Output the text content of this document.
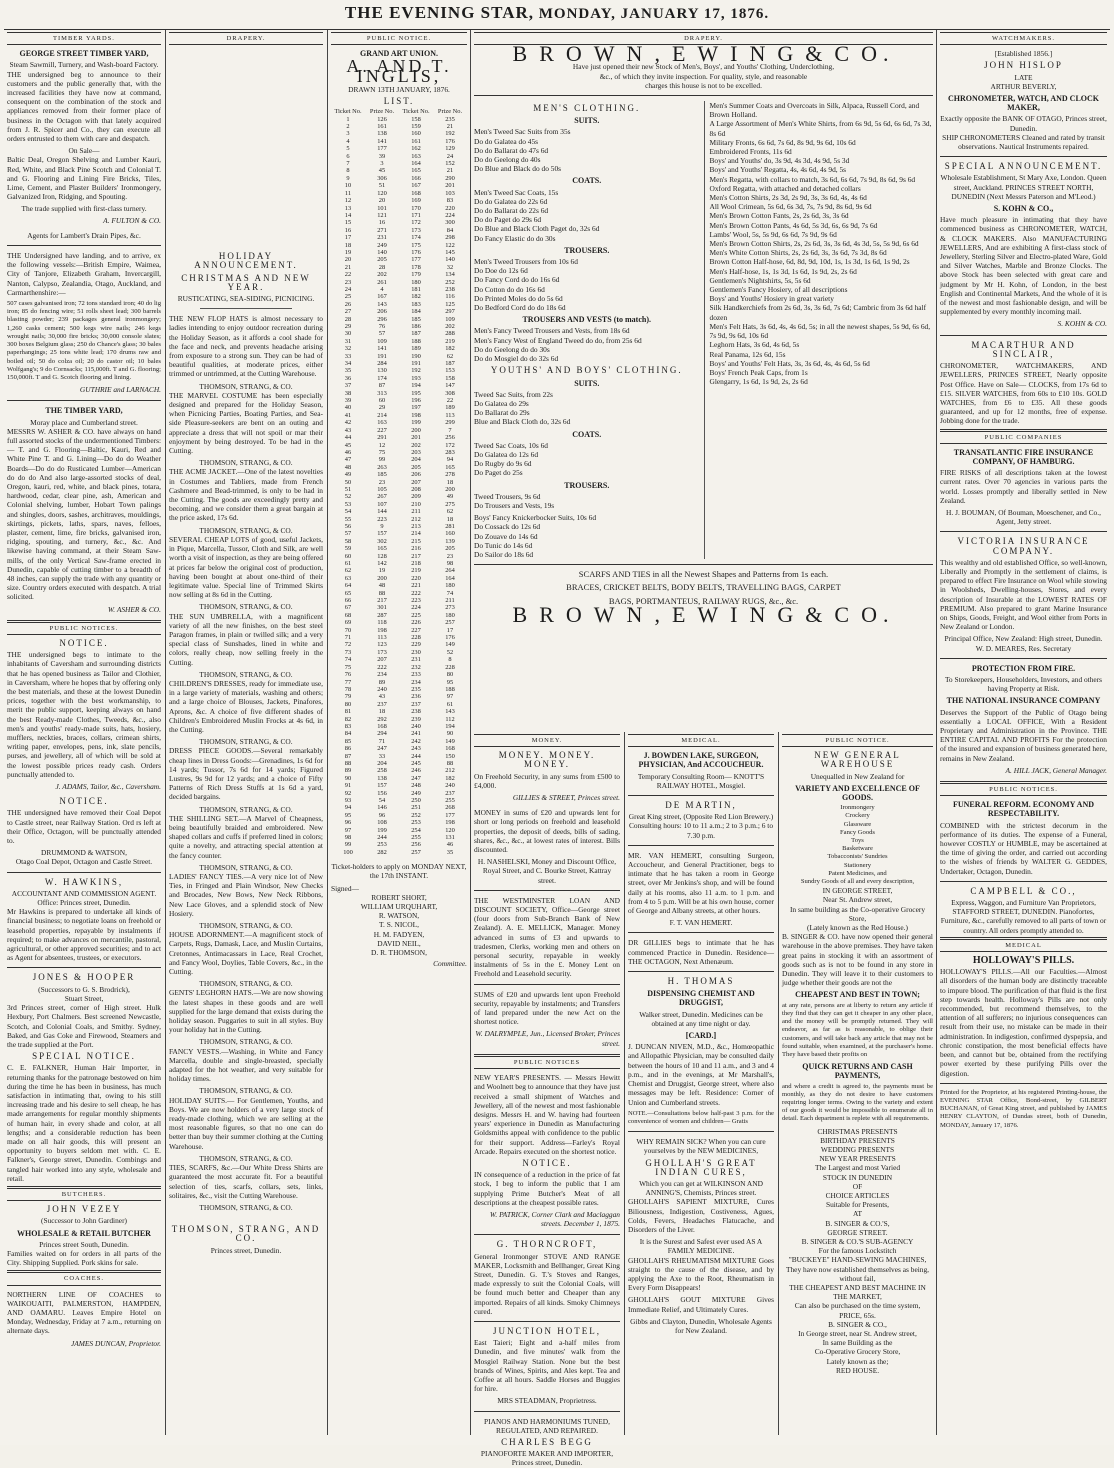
THE EVENING STAR, MONDAY, JANUARY 17, 1876.
TIMBER YARDS.
GEORGE STREET TIMBER YARD,
Steam Sawmill, Turnery, and Wash-board Factory.
THE undersigned beg to announce to their customers and the public generally that, with the increased facilities they have now at command, consequent on the combination of the stock and appliances removed from their former place of business in the Octagon with that lately acquired from J. R. Spicer and Co., they can execute all orders entrusted to them with care and despatch.
On Sale—
Baltic Deal, Oregon Shelving and Lumber Kauri, Red, White, and Black Pine Scotch and Colonial T. and G. Flooring and Lining Fire Bricks, Tiles, Lime, Cement, and Plaster Builders' Ironmongery, Galvanized Iron, Ridging, and Spouting.
The trade supplied with first-class turnery.
A. FULTON & CO.
Agents for Lambert's Drain Pipes, &c.
THE Undersigned have landing, and to arrive, ex the following vessels:—British Empire, Waimea, City of Tanjore, Elizabeth Graham, Invercargill, Nanton, Calypso, Zealandia, Otago, Auckland, and Carmarthenshire:—
507 cases galvanised iron; 72 tons standard iron; 40 do lig iron; 85 do fencing wire; 51 rolls sheet lead; 300 barrels blasting powder; 239 packages general ironmongery; 1,260 casks cement; 500 kegs wire nails; 246 kegs wrought nails; 30,000 fire bricks; 30,000 console slates; 300 boxes Belgium glass; 250 do Chance's glass; 30 bales paperhangings; 25 tons white lead; 170 drums raw and boiled oil; 50 do colza oil; 20 do castor oil; 10 bales Wolfgang's; 9 do Cornsacks; 115,000ft. T and G. flooring; 150,000ft. T and G. Scotch flooring and lining.
GUTHRIE and LARNACH.
THE TIMBER YARD,
Moray place and Cumberland street.
MESSRS W. ASHER & CO. have always on hand full assorted stocks of the undermentioned Timbers:— T. and G. Flooring—Baltic, Kauri, Red and White Pine T. and G. Lining—Do do do Weather Boards—Do do do Rusticated Lumber—American do do do And also large-assorted stocks of deal, Oregon, kauri, red, white, and black pines, totara, hardwood, cedar, clear pine, ash, American and Colonial shelving, lumber, Hobart Town palings and shingles, doors, sashes, architraves, mouldings, skirtings, pickets, laths, spars, naves, felloes, plaster, cement, lime, fire bricks, galvanised iron, ridging, spouting, and turnery, &c., &c. And likewise having command, at their Steam Saw-mills, of the only Vertical Saw-frame erected in Dunedin, capable of cutting timber to a breadth of 48 inches, can supply the trade with any quantity or size. Country orders executed with despatch. A trial solicited.
W. ASHER & CO.
PUBLIC NOTICES.
NOTICE.
THE undersigned begs to intimate to the inhabitants of Caversham and surrounding districts that he has opened business as Tailor and Clothier, in Caversham, where he hopes that by offering only the best materials, and these at the lowest Dunedin prices, together with the best workmanship, to merit the public support, keeping always on hand the best Ready-made Clothes, Tweeds, &c., also men's and youths' ready-made suits, hats, hosiery, mufflers, neckties, braces, collars, crimean shirts, writing paper, envelopes, pens, ink, slate pencils, purses, and jewellery, all of which will be sold at the lowest possible prices ready cash. Orders punctually attended to.
J. ADAMS, Tailor, &c., Caversham.
NOTICE.
THE undersigned have removed their Coal Depot to Castle street, near Railway Station. Ord rs left at their Office, Octagon, will be punctually attended to.
DRUMMOND & WATSON,
Otago Coal Depot, Octagon and Castle Street.
W. HAWKINS,
ACCOUNTANT AND COMMISSION AGENT.
Office: Princes street, Dunedin.
Mr Hawkins is prepared to undertake all kinds of financial business; to negotiate loans on freehold or leasehold properties, repayable by instalments if required; to make advances on mercantile, pastoral, agricultural, or other approved securities; and to act as Agent for absentees, trustees, or executors.
JONES & HOOPER
(Successors to G. S. Brodrick),
Stuart Street,
3rd Princes street, corner of High street. Hulk Hexbury, Port Chalmers. Best screened Newcastle, Scotch, and Colonial Coals, and Smithy. Sydney, Baked, and Gas Coke and Firewood, Steamers and the trade supplied at the Port.
SPECIAL NOTICE.
C. E. FALKNER, Human Hair Importer, in returning thanks for the patronage bestowed on him during the time he has been in business, has much satisfaction in intimating that, owing to his still increasing trade and his desire to sell cheap, he has made arrangements for regular monthly shipments of human hair, in every shade and color, at all lengths; and a considerable reduction has been made on all hair goods, this will present an opportunity to buyers seldom met with. C. E. Falkner's, George street, Dunedin. Combings and tangled hair worked into any style, wholesale and retail.
BUTCHERS.
JOHN VEZEY
(Successor to John Gardiner)
WHOLESALE & RETAIL BUTCHER
Princes street South, Dunedin.
Families waited on for orders in all parts of the City. Shipping Supplied. Pork skins for sale.
COACHES.
NORTHERN LINE OF COACHES to WAIKOUAITI, PALMERSTON, HAMPDEN, AND OAMARU. Leaves Empire Hotel on Monday, Wednesday, Friday at 7 a.m., returning on alternate days.
JAMES DUNCAN, Proprietor.
DRAPERY.
HOLIDAY ANNOUNCEMENT.
CHRISTMAS AND NEW YEAR.
RUSTICATING, SEA-SIDING, PICNICING.
THE NEW FLOP HATS is almost necessary to ladies intending to enjoy outdoor recreation during the Holiday Season, as it affords a cool shade for the face and neck, and prevents headache arising from exposure to a strong sun. They can be had of beautiful qualities, at moderate prices, either trimmed or untrimmed, at the Cutting Warehouse.
THOMSON, STRANG, & CO.
THE MARVEL COSTUME has been especially designed and prepared for the Holiday Season, when Picnicing Parties, Boating Parties, and Sea-side Pleasure-seekers are bent on an outing and appreciate a dress that will not spoil or mar their enjoyment by being destroyed. To be had in the Cutting.
THOMSON, STRANG, & CO.
THE ACME JACKET.—One of the latest novelties in Costumes and Tabliers, made from French Cashmere and Bead-trimmed, is only to be had in the Cutting. The goods are exceedingly pretty and becoming, and we consider them a great bargain at the price asked, 17s 6d.
THOMSON, STRANG, & CO.
SEVERAL CHEAP LOTS of good, useful Jackets, in Pique, Marcella, Tussor, Cloth and Silk, are well worth a visit of inspection, as they are being offered at prices far below the original cost of production, having been bought at about one-third of their legitimate value. Special line of Trimmed Skirts now selling at 8s 6d in the Cutting.
THOMSON, STRANG, & CO.
THE SUN UMBRELLA, with a magnificent variety of all the new finishes, on the best steel Paragon frames, in plain or twilled silk; and a very special class of Sunshades, lined in white and colors, really cheap, now selling freely in the Cutting.
THOMSON, STRANG, & CO.
CHILDREN'S DRESSES, ready for immediate use, in a large variety of materials, washing and others; and a large choice of Blouses, Jackets, Pinafores, Aprons, &c. A choice of five different shades of Children's Embroidered Muslin Frocks at 4s 6d, in the Cutting.
THOMSON, STRANG, & CO.
DRESS PIECE GOODS.—Several remarkably cheap lines in Dress Goods:—Grenadines, 1s 6d for 14 yards; Tussor, 7s 6d for 14 yards; Figured Lustres, 9s 9d for 12 yards; and a choice of Fifty Patterns of Rich Dress Stuffs at 1s 6d a yard, decided bargains.
THOMSON, STRANG, & CO.
THE SHILLING SET.—A Marvel of Cheapness, being beautifully braided and embroidered. New shaped collars and cuffs if preferred lined in colors; quite a novelty, and attracting special attention at the fancy counter.
THOMSON, STRANG, & CO.
LADIES' FANCY TIES.—A very nice lot of New Ties, in Fringed and Plain Windsor, New Checks and Brocades, New Bows, New Neck Ribbons, New Lace Gloves, and a splendid stock of New Hosiery.
THOMSON, STRANG, & CO.
HOUSE ADORNMENT.—A magnificent stock of Carpets, Rugs, Damask, Lace, and Muslin Curtains, Cretonnes, Antimacassars in Lace, Real Crochet, and Fancy Wool, Doylies, Table Covers, &c., in the Cutting.
THOMSON, STRANG, & CO.
GENTS' LEGHORN HATS.—We are now showing the latest shapes in these goods and are well supplied for the large demand that exists during the holiday season. Puggaries to suit in all styles. Buy your holiday hat in the Cutting.
THOMSON, STRANG, & CO.
FANCY VESTS.—Washing, in White and Fancy Marcella, double and single-breasted, specially adapted for the hot weather, and very suitable for holiday times.
THOMSON, STRANG, & CO.
HOLIDAY SUITS.— For Gentlemen, Youths, and Boys. We are now holders of a very large stock of ready-made clothing, which we are selling at the most reasonable figures, so that no one can do better than buy their summer clothing at the Cutting Warehouse.
THOMSON, STRANG, & CO.
TIES, SCARFS, &c.—Our White Dress Shirts are guaranteed the most accurate fit. For a beautiful selection of ties, scarfs, collars, sets, links, solitaires, &c., visit the Cutting Warehouse.
THOMSON, STRANG, & CO.
THOMSON, STRANG, AND CO.
Princes street, Dunedin.
PUBLIC NOTICE.
GRAND ART UNION.
A. AND T. INGLIS,
DRAWN 13TH JANUARY, 1876.
LIST.
Ticket No.	Prize No.	Ticket No.	Prize No.
1	126	158	235
2	161	159	21
3	138	160	192
4	141	161	176
5	177	162	129
6	39	163	24
7	3	164	152
8	45	165	21
9	306	166	290
10	51	167	201
11	120	168	103
12	20	169	83
13	101	170	220
14	121	171	224
15	16	172	300
16	271	173	84
17	231	174	298
18	249	175	122
19	140	176	145
20	205	177	140
21	28	178	32
22	202	179	134
23	261	180	252
24	4	181	238
25	167	182	116
26	143	183	125
27	206	184	297
28	296	185	109
29	76	186	202
30	57	187	288
31	109	188	219
32	141	189	182
33	191	190	62
34	284	191	187
35	130	192	153
36	174	193	158
37	87	194	147
38	313	195	308
39	60	196	22
40	29	197	189
41	214	198	113
42	163	199	299
43	227	200	7
44	291	201	256
45	12	202	172
46	75	203	283
47	99	204	94
48	263	205	165
49	185	206	278
50	23	207	18
51	105	208	200
52	267	209	49
53	107	210	275
54	144	211	62
55	223	212	18
56	9	213	281
57	157	214	160
58	302	215	139
59	165	216	205
60	128	217	23
61	142	218	98
62	19	219	264
63	200	220	164
64	48	221	180
65	88	222	74
66	217	223	211
67	301	224	273
68	287	225	180
69	118	226	257
70	198	227	17
71	113	228	176
72	123	229	149
73	173	230	52
74	207	231	8
75	222	232	228
76	234	233	80
77	89	234	95
78	240	235	188
79	43	236	97
80	237	237	61
81	18	238	143
82	292	239	112
83	168	240	194
84	294	241	90
85	71	242	149
86	247	243	168
87	33	244	150
88	204	245	88
89	258	246	212
90	138	247	182
91	157	248	240
92	156	249	237
93	54	250	255
94	146	251	268
95	96	252	177
96	108	253	198
97	199	254	120
98	244	255	131
99	253	256	46
100	282	257	35
Ticket-holders to apply on MONDAY NEXT, the 17th INSTANT.
Signed—
ROBERT SHORT,
WILLIAM URQUHART,
R. WATSON,
T. S. NICOL,
H. M. FADYEN,
DAVID NEIL,
D. R. THOMSON,
Committee.
DRAPERY.
B R O W N , E W I N G & C O.
Have just opened their new Stock of Men's, Boys', and Youths' Clothing, Underclothing,
&c., of which they invite inspection. For quality, style, and reasonable
charges this house is not to be excelled.
MEN'S CLOTHING.
SUITS.
Men's Tweed Sac Suits from 35s
Do do Galatea do 45s
Do do Ballarat do 47s 6d
Do do Geelong do 40s
Do Blue and Black do do 50s
COATS.
Men's Tweed Sac Coats, 15s
Do do Galatea do 22s 6d
Do do Ballarat do 22s 6d
Do do Paget do 29s 6d
Do Blue and Black Cloth Paget do, 32s 6d
Do Fancy Elastic do do 30s
TROUSERS.
Men's Tweed Trousers from 10s 6d
Do Doe do 12s 6d
Do Fancy Cord do do 16s 6d
Do Cotton do do 16s 6d
Do Printed Moles do do 5s 6d
Do Bedford Cord do do 18s 6d
TROUSERS AND VESTS (to match).
Men's Fancy Tweed Trousers and Vests, from 18s 6d
Men's Fancy West of England Tweed do do, from 25s 6d
Do do Geelong do do 30s
Do do Mosgiel do do 32s 6d
YOUTHS' AND BOYS' CLOTHING.
SUITS.
Tweed Sac Suits, from 22s
Do Galatea do 29s
Do Ballarat do 29s
Blue and Black Cloth do, 32s 6d
COATS.
Tweed Sac Coats, 10s 6d
Do Galatea do 12s 6d
Do Rugby do 9s 6d
Do Paget do 25s
TROUSERS.
Tweed Trousers, 9s 6d
Do Trousers and Vests, 19s
Boys' Fancy Knickerbocker Suits, 10s 6d
Do Cossack do 12s 6d
Do Zouave do 14s 6d
Do Tunic do 14s 6d
Do Sailor do 18s 6d
Men's Summer Coats and Overcoats in Silk, Alpaca, Russell Cord, and Brown Holland.
A Large Assortment of Men's White Shirts, from 6s 9d, 5s 6d, 6s 6d, 7s 3d, 8s 6d
Military Fronts, 6s 6d, 7s 6d, 8s 9d, 9s 6d, 10s 6d
Embroidered Fronts, 11s 6d
Boys' and Youths' do, 3s 9d, 4s 3d, 4s 9d, 5s 3d
Boys' and Youths' Regatta, 4s, 4s 6d, 4s 9d, 5s
Men's Regatta, with collars to match, 3s 6d, 6s 6d, 7s 9d, 8s 6d, 9s 6d
Oxford Regatta, with attached and detached collars
Men's Cotton Shirts, 2s 3d, 2s 9d, 3s, 3s 6d, 4s, 4s 6d
All Wool Crimean, 5s 6d, 6s 3d, 7s, 7s 9d, 8s 6d, 9s 6d
Men's Brown Cotton Fants, 2s, 2s 6d, 3s, 3s 6d
Men's Brown Cotton Pants, 4s 6d, 5s 3d, 6s, 6s 9d, 7s 6d
Lambs' Wool, 5s, 5s 9d, 6s 6d, 7s 9d, 9s 6d
Men's Brown Cotton Shirts, 2s, 2s 6d, 3s, 3s 6d, 4s 3d, 5s, 5s 9d, 6s 6d
Men's White Cotton Shirts, 2s, 2s 6d, 3s, 3s 6d, 7s 3d, 8s 6d
Brown Cotton Half-hose, 6d, 8d, 9d, 10d, 1s, 1s 3d, 1s 6d, 1s 9d, 2s
Men's Half-hose, 1s, 1s 3d, 1s 6d, 1s 9d, 2s, 2s 6d
Gentlemen's Nightshirts, 5s, 5s 6d
Gentlemen's Fancy Hosiery, of all descriptions
Boys' and Youths' Hosiery in great variety
Silk Handkerchiefs from 2s 6d, 3s, 3s 6d, 7s 6d; Cambric from 3s 6d half dozen
Men's Felt Hats, 3s 6d, 4s, 4s 6d, 5s; in all the newest shapes, 5s 9d, 6s 6d, 7s 9d, 9s 6d, 10s 6d
Leghorn Hats, 3s 6d, 4s 6d, 5s
Real Panama, 12s 6d, 15s
Boys' and Youths' Felt Hats, 3s, 3s 6d, 4s, 4s 6d, 5s 6d
Boys' French Peak Caps, from 1s
Glengarry, 1s 6d, 1s 9d, 2s, 2s 6d
SCARFS AND TIES in all the Newest Shapes and Patterns from 1s each.
BRACES, CRICKET BELTS, BODY BELTS, TRAVELLING BAGS, CARPET
BAGS, PORTMANTEUS, RAILWAY RUGS, &c., &c.
B R O W N , E W I N G & C O.
MONEY.
MONEY. MONEY. MONEY.
On Freehold Security, in any sums from £500 to £4,000.
GILLIES & STREET, Princes street.
MONEY in sums of £20 and upwards lent for short or long periods on freehold and leasehold properties, the deposit of deeds, bills of sading, shares, &c., &c., at lowest rates of interest. Bills discounted.
H. NASHELSKI, Money and Discount Office, Royal Street, and C. Bourke Street, Kattray street.
THE WESTMINSTER LOAN AND DISCOUNT SOCIETY, Office—George street (four doors from Sub-Branch Bank of New Zealand). A. E. MELLICK, Manager. Money advanced in sums of £3 and upwards to tradesmen, Clerks, working men and others on personal security, repayable in weekly instalments of 5s in the £. Money Lent on Freehold and Leasehold security.
SUMS of £20 and upwards lent upon Freehold security, repayable by instalments; and Transfers of land prepared under the new Act on the shortest notice.
W. DALRYMPLE, Jun., Licensed Broker, Princes street.
PUBLIC NOTICES
NEW YEAR'S PRESENTS. — Messrs Hewitt and Woolnett beg to announce that they have just received a small shipment of Watches and Jewellery, all of the newest and most fashionable designs. Messrs H. and W. having had fourteen years' experience in Dunedin as Manufacturing Goldsmiths appeal with confidence to the public for their support. Address—Farley's Royal Arcade. Repairs executed on the shortest notice.
NOTICE.
IN consequence of a reduction in the price of fat stock, I beg to inform the public that I am supplying Prime Butcher's Meat of all descriptions at the cheapest possible rates.
W. PATRICK, Corner Clark and Maclaggan streets. December 1, 1875.
G. THORNCROFT,
General Ironmonger STOVE AND RANGE MAKER, Locksmith and Bellhanger, Great King Street, Dunedin. G. T.'s Stoves and Ranges, made expressly to suit the Colonial Coals, will be found much better and Cheaper than any imported. Repairs of all kinds. Smoky Chimneys cured.
JUNCTION HOTEL,
East Taieri; Eight and a-half miles from Dunedin, and five minutes' walk from the Mosgiel Railway Station. None but the best brands of Wines, Spirits, and Ales kept. Tea and Coffee at all hours. Saddle Horses and Buggies for hire.
MRS STEADMAN, Proprietress.
PIANOS AND HARMONIUMS TUNED, REGULATED, AND REPAIRED.
CHARLES BEGG
PIANOFORTE MAKER AND IMPORTER, Princes street, Dunedin.
MEDICAL.
J. BOWDEN LAKE, SURGEON, PHYSICIAN, And ACCOUCHEUR.
Temporary Consulting Room— KNOTT'S RAILWAY HOTEL, Mosgiel.
DE MARTIN,
Great King street, (Opposite Red Lion Brewery.) Consulting hours: 10 to 11 a.m.; 2 to 3 p.m.; 6 to 7.30 p.m.
MR. VAN HEMERT, consulting Surgeon, Accoucheur, and General Practitioner, begs to intimate that he has taken a room in George street, over Mr Jenkins's shop, and will be found daily at his rooms, also 11 a.m. to 1 p.m. and from 4 to 5 p.m. Will be at his own house, corner of George and Albany streets, at other hours.
F. T. VAN HEMERT.
DR GILLIES begs to intimate that he has commenced Practice in Dunedin. Residence—THE OCTAGON, Next Athenæum.
H. THOMAS
DISPENSING CHEMIST AND DRUGGIST,
Walker street, Dunedin. Medicines can be obtained at any time night or day.
[CARD.]
J. DUNCAN NIVEN, M.D., &c., Homœopathic and Allopathic Physician, may be consulted daily between the hours of 10 and 11 a.m., and 3 and 4 p.m., and in the evenings, at Mr Marshall's, Chemist and Druggist, George street, where also messages may be left. Residence: Corner of Union and Cumberland streets.
NOTE.—Consultations below half-past 3 p.m. for the convenience of women and children— Gratis
WHY REMAIN SICK? When you can cure yourselves by the NEW MEDICINES,
GHOLLAH'S GREAT INDIAN CURES,
Which you can get at WILKINSON AND ANNING'S, Chemists, Princes street.
GHOLLAH'S SAPIENT MIXTURE, Cures Biliousness, Indigestion, Costiveness, Agues, Colds, Fevers, Headaches Flatucache, and Disorders of the Liver.
It is the Surest and Safest ever used AS A FAMILY MEDICINE.
GHOLLAH'S RHEUMATISM MIXTURE Goes straight to the cause of the disease, and by applying the Axe to the Root, Rheumatism in Every Form Disappears!
GHOLLAH'S GOUT MIXTURE Gives Immediate Relief, and Ultimately Cures.
Gibbs and Clayton, Dunedin, Wholesale Agents for New Zealand.
PUBLIC NOTICE.
NEW GENERAL WAREHOUSE
Unequalled in New Zealand for
VARIETY AND EXCELLENCE OF GOODS.
Ironmongery
Crockery
Glassware
Fancy Goods
Toys
Basketware
Tobacconists' Sundries
Stationery
Patent Medicines, and
Sundry Goods of all and every description,
IN GEORGE STREET,
Near St. Andrew street,
In same building as the Co-operative Grocery Store,
(Lately known as the Red House.)
B. SINGER & CO. have now opened their general warehouse in the above premises. They have taken great pains in stocking it with an assortment of goods such as is not to be found in any store in Dunedin. They will leave it to their customers to judge whether their goods are not the
CHEAPEST AND BEST IN TOWN;
at any rate, persons are at liberty to return any article if they find that they can get it cheaper in any other place, and the money will be promptly returned. They will endeavor, as far as is reasonable, to oblige their customers, and will take back any article that may not be found suitable, when examined, at the purchaser's home. They have based their profits on
QUICK RETURNS AND CASH PAYMENTS,
and where a credit is agreed to, the payments must be monthly, as they do not desire to have customers requiring longer terms. Owing to the variety and extent of our goods it would be impossible to enumerate all in detail. Each department is replete with all requirements.
CHRISTMAS PRESENTS
BIRTHDAY PRESENTS
WEDDING PRESENTS
NEW YEAR PRESENTS
The Largest and most Varied
STOCK IN DUNEDIN
OF
CHOICE ARTICLES
Suitable for Presents,
AT
B. SINGER & CO.'S,
GEORGE STREET.
B. SINGER & CO.'S SUB-AGENCY
For the famous Lockstitch
"BUCKEYE" HAND-SEWING MACHINES,
They have now established themselves as being, without fail,
THE CHEAPEST AND BEST MACHINE IN THE MARKET,
Can also be purchased on the time system,
PRICE, 65s.
B. SINGER & CO.,
In George street, near St. Andrew street,
In same Building as the
Co-Operative Grocery Store,
Lately known as the;
RED HOUSE.
WATCHMAKERS.
[Established 1856.]
JOHN HISLOP
LATE
ARTHUR BEVERLY,
CHRONOMETER, WATCH, AND CLOCK MAKER,
Exactly opposite the BANK OF OTAGO, Princes street, Dunedin.
SHIP CHRONOMETERS Cleaned and rated by transit observations. Nautical Instruments repaired.
SPECIAL ANNOUNCEMENT.
Wholesale Establishment, St Mary Axe, London. Queen street, Auckland. PRINCES STREET NORTH, DUNEDIN (Next Messrs Paterson and M'Leod.)
S. KOHN & CO.,
Have much pleasure in intimating that they have commenced business as CHRONOMETER, WATCH, & CLOCK MAKERS. Also MANUFACTURING JEWELLERS, And are exhibiting A first-class stock of Jewellery, Sterling Silver and Electro-plated Ware, Gold and Silver Watches, Marble and Bronze Clocks. The above Stock has been selected with great care and judgment by Mr H. Kohn, of London, in the best English and Continental Markets, And the whole of it is of the newest and most fashionable design, and will be supplemented by every monthly incoming mail.
S. KOHN & CO.
MACARTHUR AND SINCLAIR,
CHRONOMETER, WATCHMAKERS, AND JEWELLERS, PRINCES STREET, Nearly opposite Post Office. Have on Sale— CLOCKS, from 17s 6d to £15. SILVER WATCHES, from 60s to £10 10s. GOLD WATCHES, from £6 to £35. All these goods guaranteed, and up for 12 months, free of expense. Jobbing done for the trade.
PUBLIC COMPANIES
TRANSATLANTIC FIRE INSURANCE COMPANY, OF HAMBURG.
FIRE RISKS of all descriptions taken at the lowest current rates. Over 70 agencies in various parts the world. Losses promptly and liberally settled in New Zealand.
H. J. BOUMAN, Of Bouman, Moeschener, and Co., Agent, Jetty street.
VICTORIA INSURANCE COMPANY.
This wealthy and old established Office, so well-known, Liberally and Promptly in the settlement of claims, is prepared to effect Fire Insurance on Wool while stowing in Woolsheds, Dwelling-houses, Stores, and every description of Insurable at the LOWEST RATES OF PREMIUM. Also prepared to grant Marine Insurance on Ships, Goods, Freight, and Wool either from Ports in New Zealand or London.
Principal Office, New Zealand: High street, Dunedin. W. D. MEARES, Res. Secretary
PROTECTION FROM FIRE.
To Storekeepers, Householders, Investors, and others having Property at Risk.
THE NATIONAL INSURANCE COMPANY
Deserves the Support of the Public of Otago being essentially a LOCAL OFFICE, With a Resident Proprietary and Administration in the Province. THE ENTIRE CAPITAL AND PROFITS For the protection of the insured and expansion of business generated here, remains in New Zealand.
A. HILL JACK, General Manager.
PUBLIC NOTICES.
FUNERAL REFORM. ECONOMY AND RESPECTABILITY.
COMBINED with the strictest decorum in the performance of its duties. The expense of a Funeral, however COSTLY or HUMBLE, may be ascertained at the time of giving the order, and carried out according to the wishes of friends by WALTER G. GEDDES, Undertaker, Octagon, Dunedin.
CAMPBELL & CO.,
Express, Waggon, and Furniture Van Proprietors, STAFFORD STREET, DUNEDIN. Pianofortes, Furniture, &c., carefully removed to all parts of town or country. All orders promptly attended to.
MEDICAL
HOLLOWAY'S PILLS.
HOLLOWAY'S PILLS.—All our Faculties.—Almost all disorders of the human body are distinctly traceable to impure blood. The purification of that fluid is the first step towards health. Holloway's Pills are not only recommended, but recommend themselves, to the attention of all sufferers; no injurious consequences can result from their use, no mistake can be made in their administration. In indigestion, confirmed dyspepsia, and chronic constipation, the most beneficial effects have been, and cannot but be, obtained from the rectifying power exerted by these purifying Pills over the digestion.
Printed for the Proprietor, at his registered Printing-house, the EVENING STAR Office, Bond-street, by GILBERT BUCHANAN, of Great King street, and published by JAMES HENRY CLAYTON, of Dundas street, both of Dunedin, MONDAY, January 17, 1876.
